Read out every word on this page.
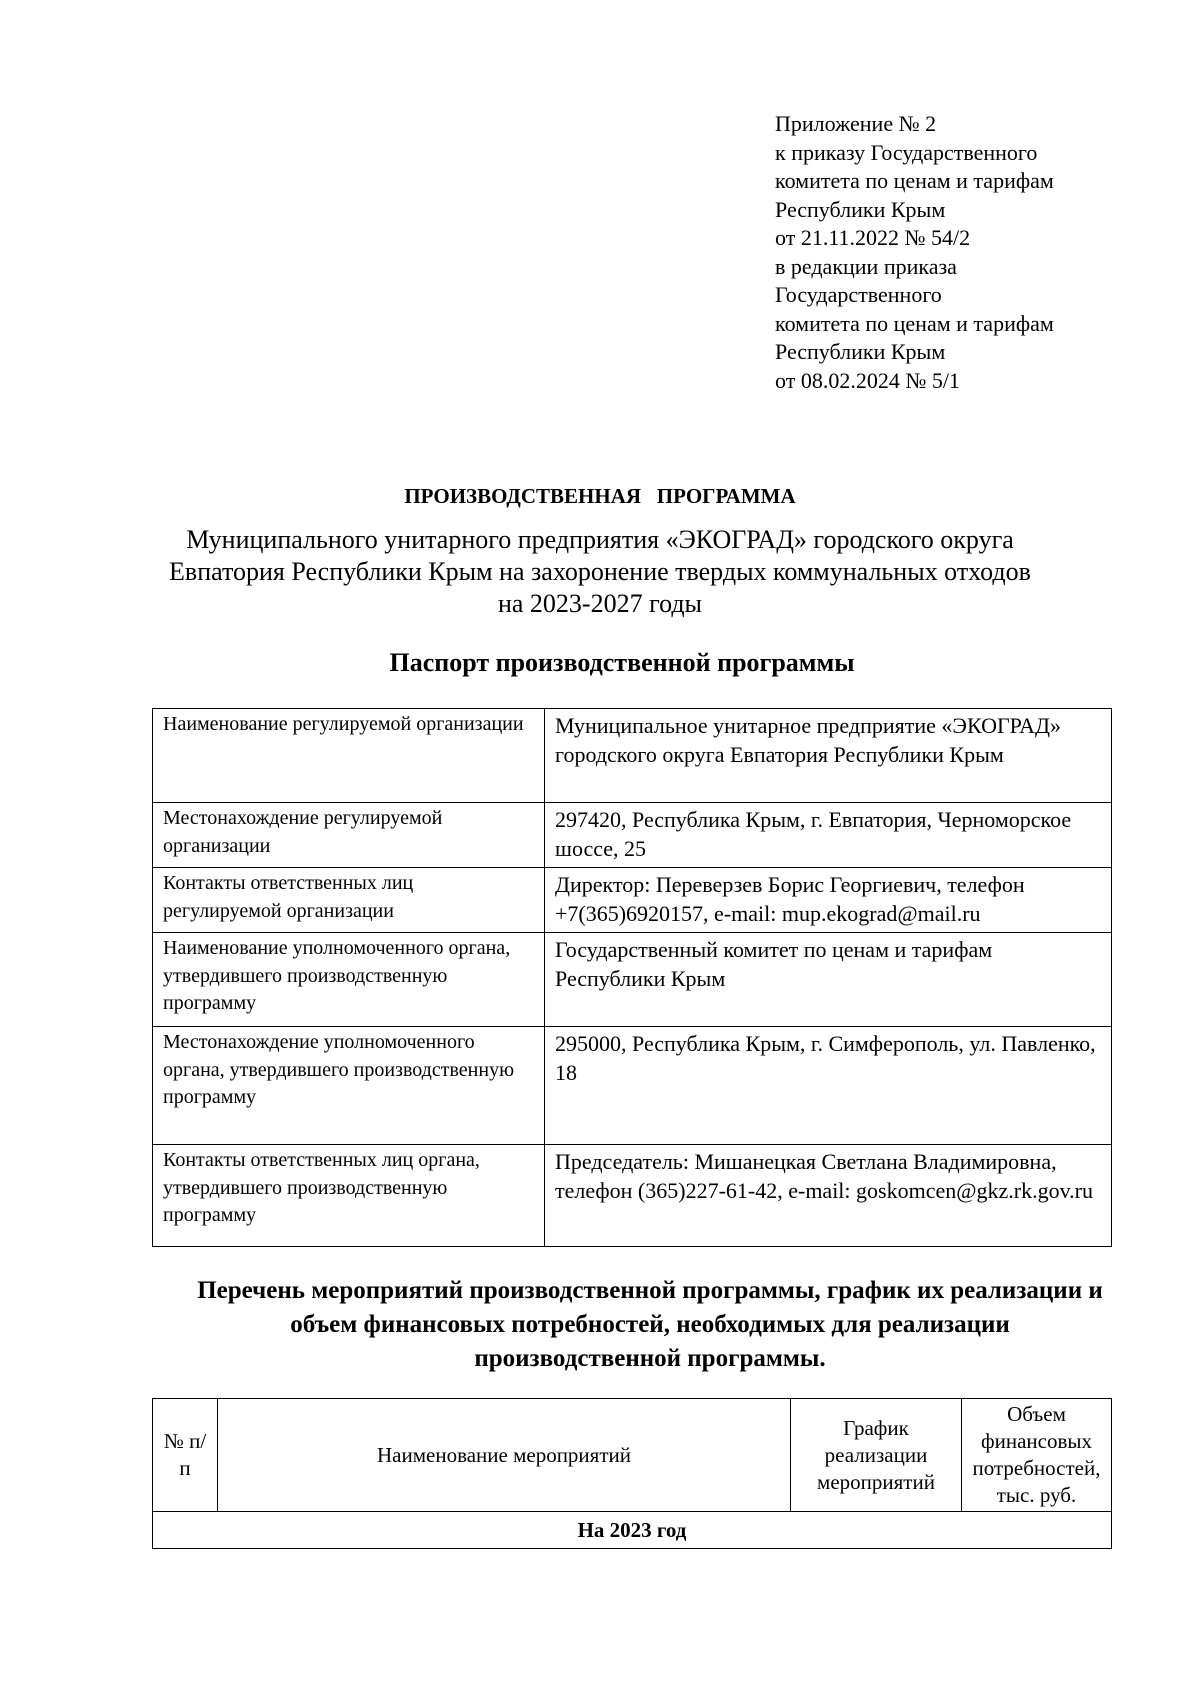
Приложение № 2
к приказу Государственного
комитета по ценам и тарифам
Республики Крым
от 21.11.2022 № 54/2
в редакции приказа
Государственного
комитета по ценам и тарифам
Республики Крым
от 08.02.2024 № 5/1
ПРОИЗВОДСТВЕННАЯ   ПРОГРАММА
Муниципального унитарного предприятия «ЭКОГРАД» городского округа
Евпатория Республики Крым на захоронение твердых коммунальных отходов
на 2023-2027 годы
Паспорт производственной программы
Наименование регулируемой организации	Муниципальное унитарное предприятие «ЭКОГРАД» городского округа Евпатория Республики Крым
Местонахождение регулируемой организации	297420, Республика Крым, г. Евпатория, Черноморское шоссе, 25
Контакты ответственных лиц регулируемой организации	Директор: Переверзев Борис Георгиевич, телефон +7(365)6920157, e-mail: mup.ekograd@mail.ru
Наименование уполномоченного органа, утвердившего производственную программу	Государственный комитет по ценам и тарифам Республики Крым
Местонахождение уполномоченного органа, утвердившего производственную программу	295000, Республика Крым, г. Симферополь, ул. Павленко, 18
Контакты ответственных лиц органа, утвердившего производственную программу	Председатель: Мишанецкая Светлана Владимировна, телефон (365)227-61-42, e-mail: goskomcen@gkz.rk.gov.ru
Перечень мероприятий производственной программы, график их реализации и объем финансовых потребностей, необходимых для реализации производственной программы.
№ п/п	Наименование мероприятий	График реализации мероприятий	Объем финансовых потребностей, тыс. руб.
На 2023 год
